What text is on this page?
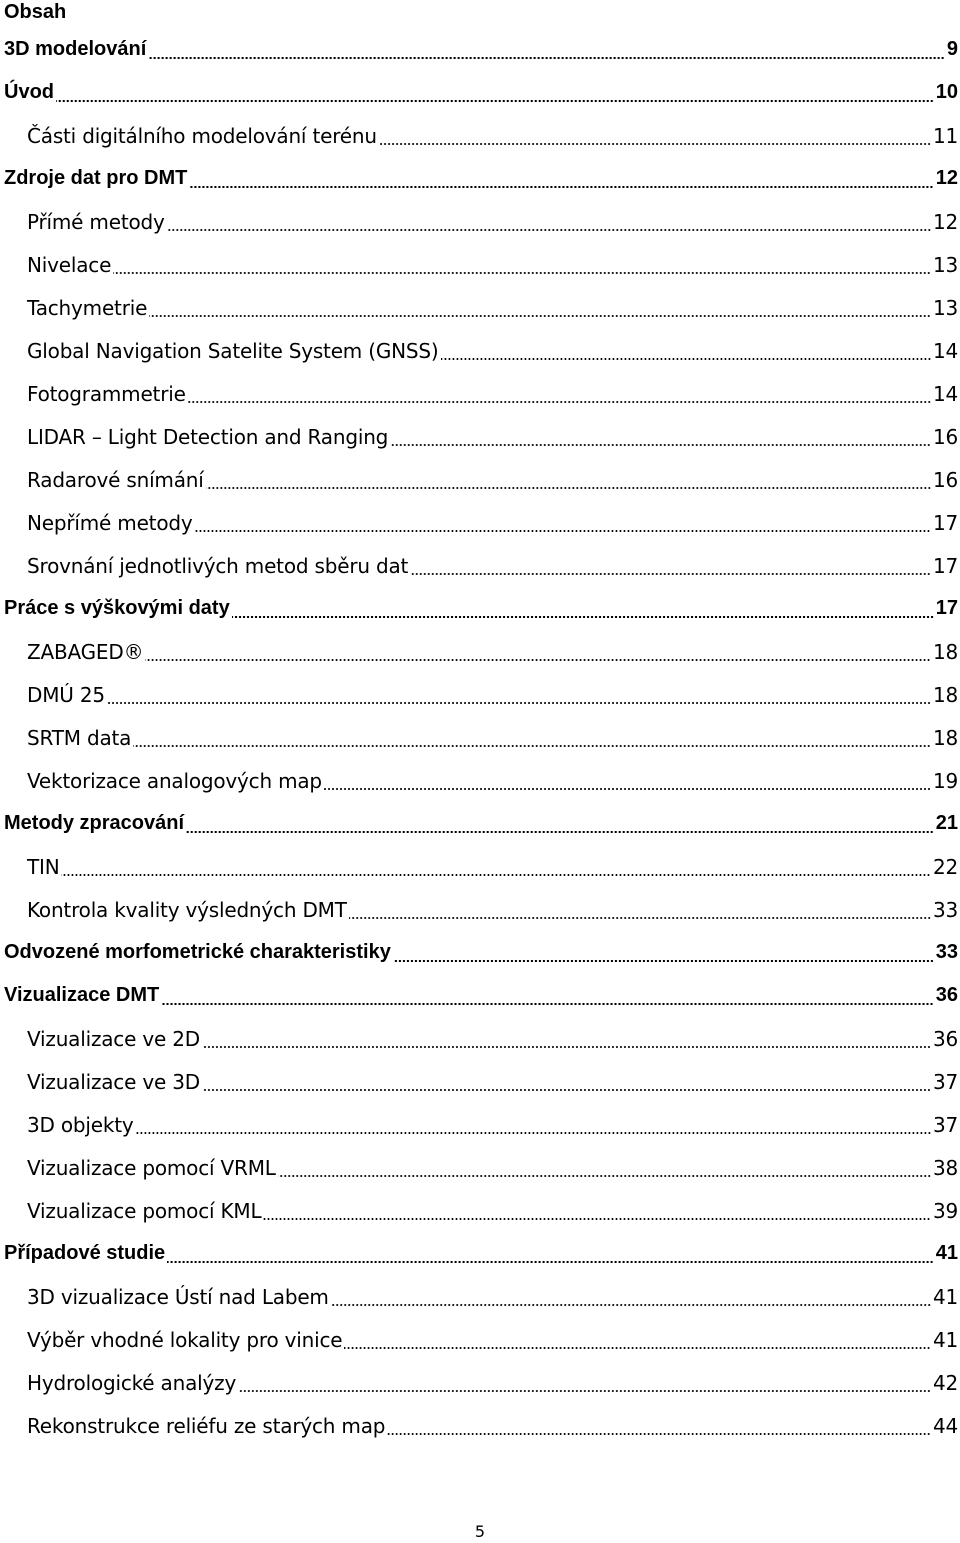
Obsah
3D modelování	9
Úvod	10
Části digitálního modelování terénu	11
Zdroje dat pro DMT	12
Přímé metody	12
Nivelace	13
Tachymetrie	13
Global Navigation Satelite System (GNSS)	14
Fotogrammetrie	14
LIDAR – Light Detection and Ranging	16
Radarové snímání	16
Nepřímé metody	17
Srovnání jednotlivých metod sběru dat	17
Práce s výškovými daty	17
ZABAGED®	18
DMÚ 25	18
SRTM data	18
Vektorizace analogových map	19
Metody zpracování	21
TIN	22
Kontrola kvality výsledných DMT	33
Odvozené morfometrické charakteristiky	33
Vizualizace DMT	36
Vizualizace ve 2D	36
Vizualizace ve 3D	37
3D objekty	37
Vizualizace pomocí VRML	38
Vizualizace pomocí KML	39
Případové studie	41
3D vizualizace Ústí nad Labem	41
Výběr vhodné lokality pro vinice	41
Hydrologické analýzy	42
Rekonstrukce reliéfu ze starých map	44
5
